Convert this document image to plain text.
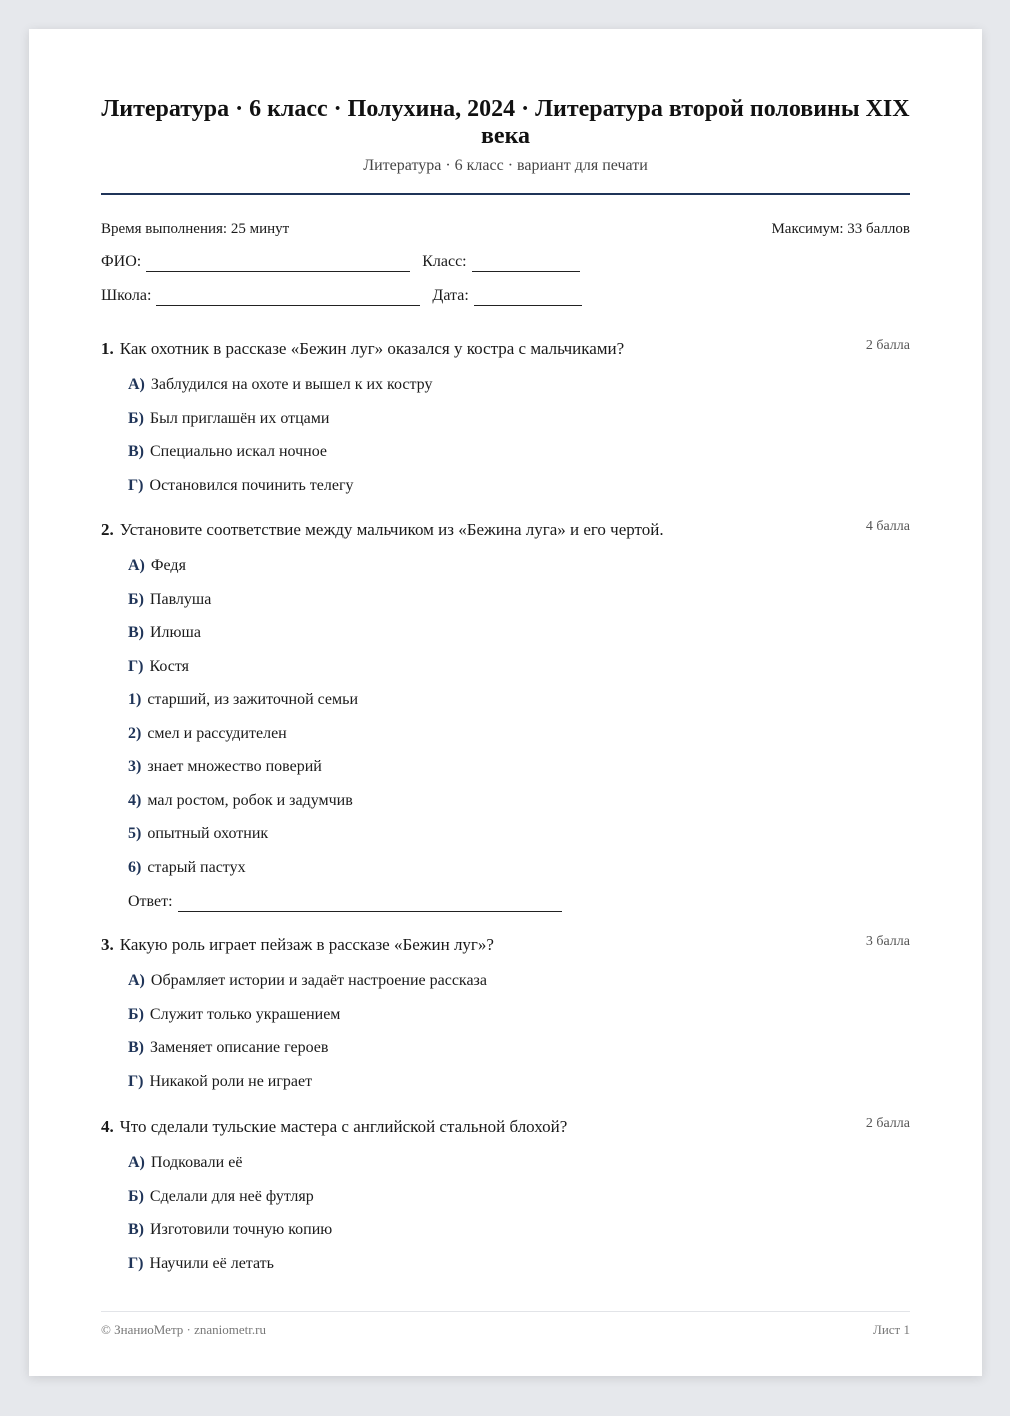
Литература · 6 класс · Полухина, 2024 · Литература второй половины XIX века
Литература · 6 класс · вариант для печати
Время выполнения: 25 минут	Максимум: 33 баллов
ФИО:	Класс:
Школа:	Дата:
1. Как охотник в рассказе «Бежин луг» оказался у костра с мальчиками?	2 балла
А) Заблудился на охоте и вышел к их костру
Б) Был приглашён их отцами
В) Специально искал ночное
Г) Остановился починить телегу
2. Установите соответствие между мальчиком из «Бежина луга» и его чертой.	4 балла
А) Федя
Б) Павлуша
В) Илюша
Г) Костя
1) старший, из зажиточной семьи
2) смел и рассудителен
3) знает множество поверий
4) мал ростом, робок и задумчив
5) опытный охотник
6) старый пастух
Ответ:
3. Какую роль играет пейзаж в рассказе «Бежин луг»?	3 балла
А) Обрамляет истории и задаёт настроение рассказа
Б) Служит только украшением
В) Заменяет описание героев
Г) Никакой роли не играет
4. Что сделали тульские мастера с английской стальной блохой?	2 балла
А) Подковали её
Б) Сделали для неё футляр
В) Изготовили точную копию
Г) Научили её летать
© ЗнаниоМетр · znaniometr.ru	Лист 1
